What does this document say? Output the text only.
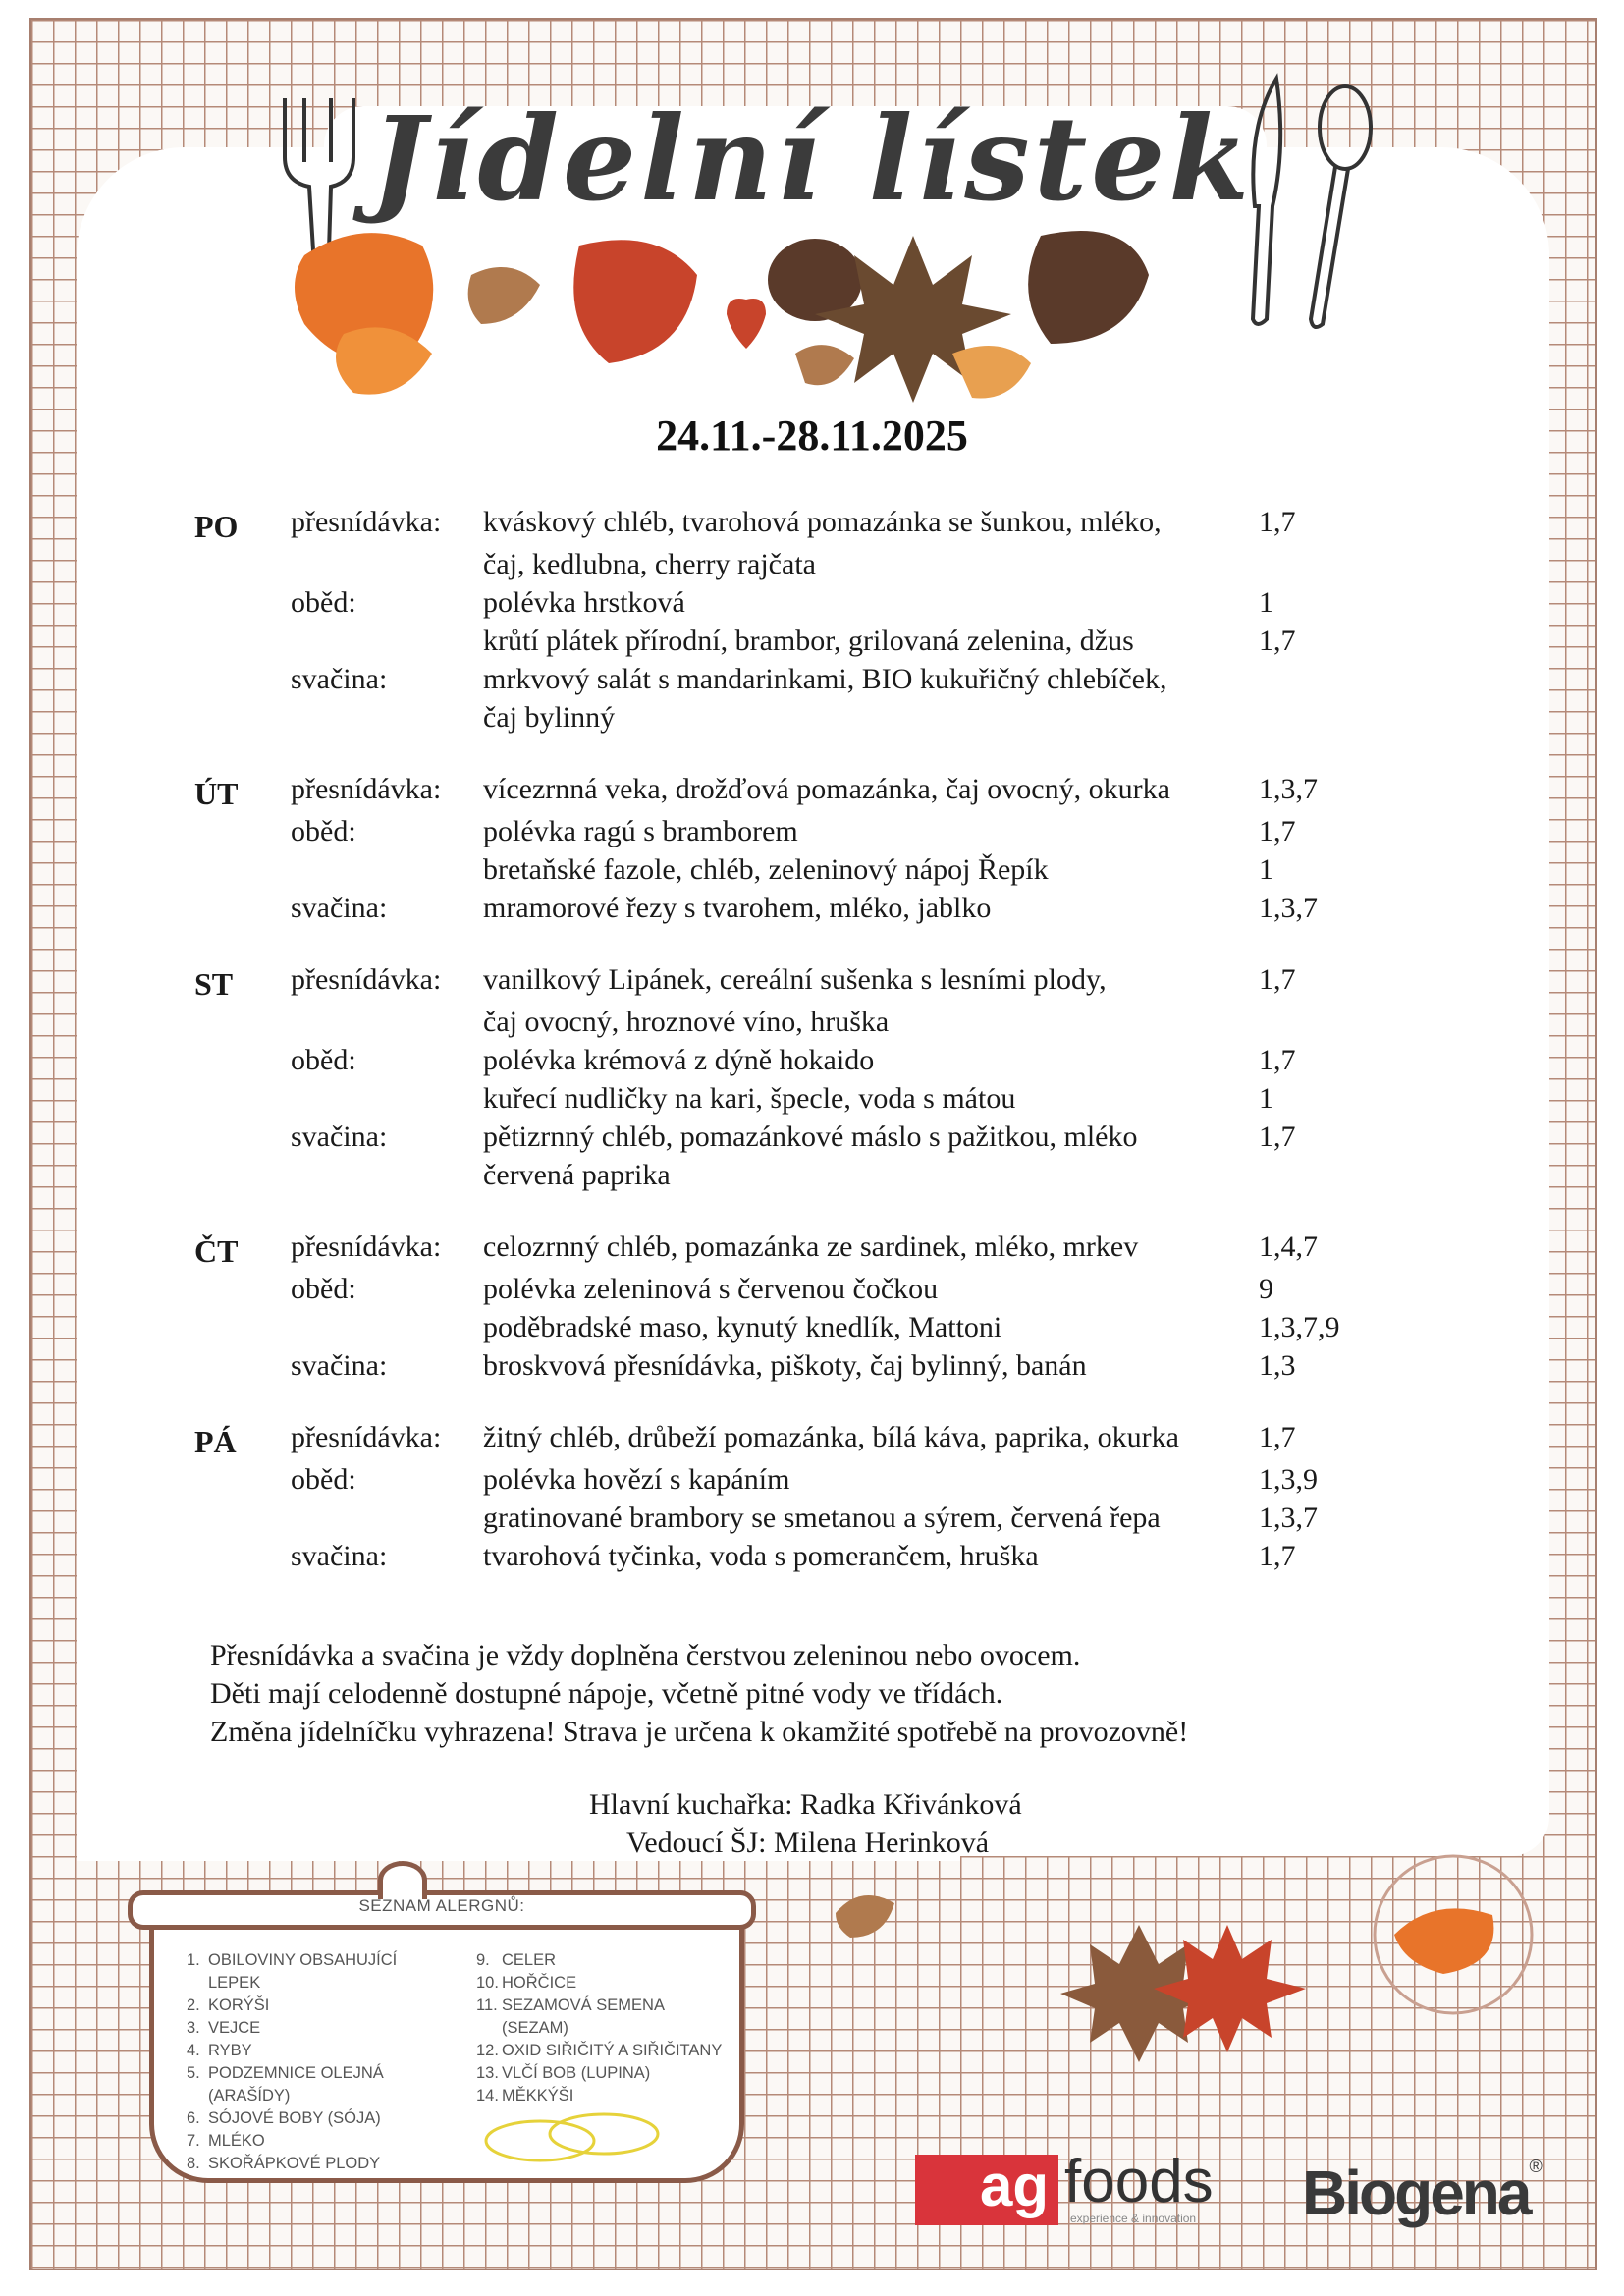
Jídelní lístek
24.11.-28.11.2025
PO	přesnídávka:	kváskový chléb, tvarohová pomazánka se šunkou, mléko,	1,7
čaj, kedlubna, cherry rajčata
oběd:	polévka hrstková	1
krůtí plátek přírodní, brambor, grilovaná zelenina, džus	1,7
svačina:	mrkvový salát s mandarinkami, BIO kukuřičný chlebíček,
čaj bylinný
ÚT	přesnídávka:	vícezrnná veka, drožďová pomazánka, čaj ovocný, okurka	1,3,7
oběd:	polévka ragú s bramborem	1,7
bretaňské fazole, chléb, zeleninový nápoj Řepík	1
svačina:	mramorové řezy s tvarohem, mléko, jablko	1,3,7
ST	přesnídávka:	vanilkový Lipánek, cereální sušenka s lesními plody,	1,7
čaj ovocný, hroznové víno, hruška
oběd:	polévka krémová z dýně hokaido	1,7
kuřecí nudličky na kari, špecle, voda s mátou	1
svačina:	pětizrnný chléb, pomazánkové máslo s pažitkou, mléko	1,7
červená paprika
ČT	přesnídávka:	celozrnný chléb, pomazánka ze sardinek, mléko, mrkev	1,4,7
oběd:	polévka zeleninová s červenou čočkou	9
poděbradské maso, kynutý knedlík, Mattoni	1,3,7,9
svačina:	broskvová přesnídávka, piškoty, čaj bylinný, banán	1,3
PÁ	přesnídávka:	žitný chléb, drůbeží pomazánka, bílá káva, paprika, okurka	1,7
oběd:	polévka hovězí s kapáním	1,3,9
gratinované brambory se smetanou a sýrem, červená řepa	1,3,7
svačina:	tvarohová tyčinka, voda s pomerančem, hruška	1,7
Přesnídávka a svačina je vždy doplněna čerstvou zeleninou nebo ovocem.
Děti mají celodenně dostupné nápoje, včetně pitné vody ve třídách.
Změna jídelníčku vyhrazena! Strava je určena k okamžité spotřebě na provozovně!
Hlavní kuchařka: Radka Křivánková
Vedoucí ŠJ: Milena Herinková
SEZNAM ALERGNŮ:
1. OBILOVINY OBSAHUJÍCÍ LEPEK
2. KORÝŠI
3. VEJCE
4. RYBY
5. PODZEMNICE OLEJNÁ (ARAŠÍDY)
6. SÓJOVÉ BOBY (SÓJA)
7. MLÉKO
8. SKOŘÁPKOVÉ PLODY
9. CELER
10. HOŘČICE
11. SEZAMOVÁ SEMENA (SEZAM)
12. OXID SIŘIČITÝ A SIŘIČITANY
13. VLČÍ BOB (LUPINA)
14. MĚKKÝŠI
ag foods
experience & innovation Biogena®
